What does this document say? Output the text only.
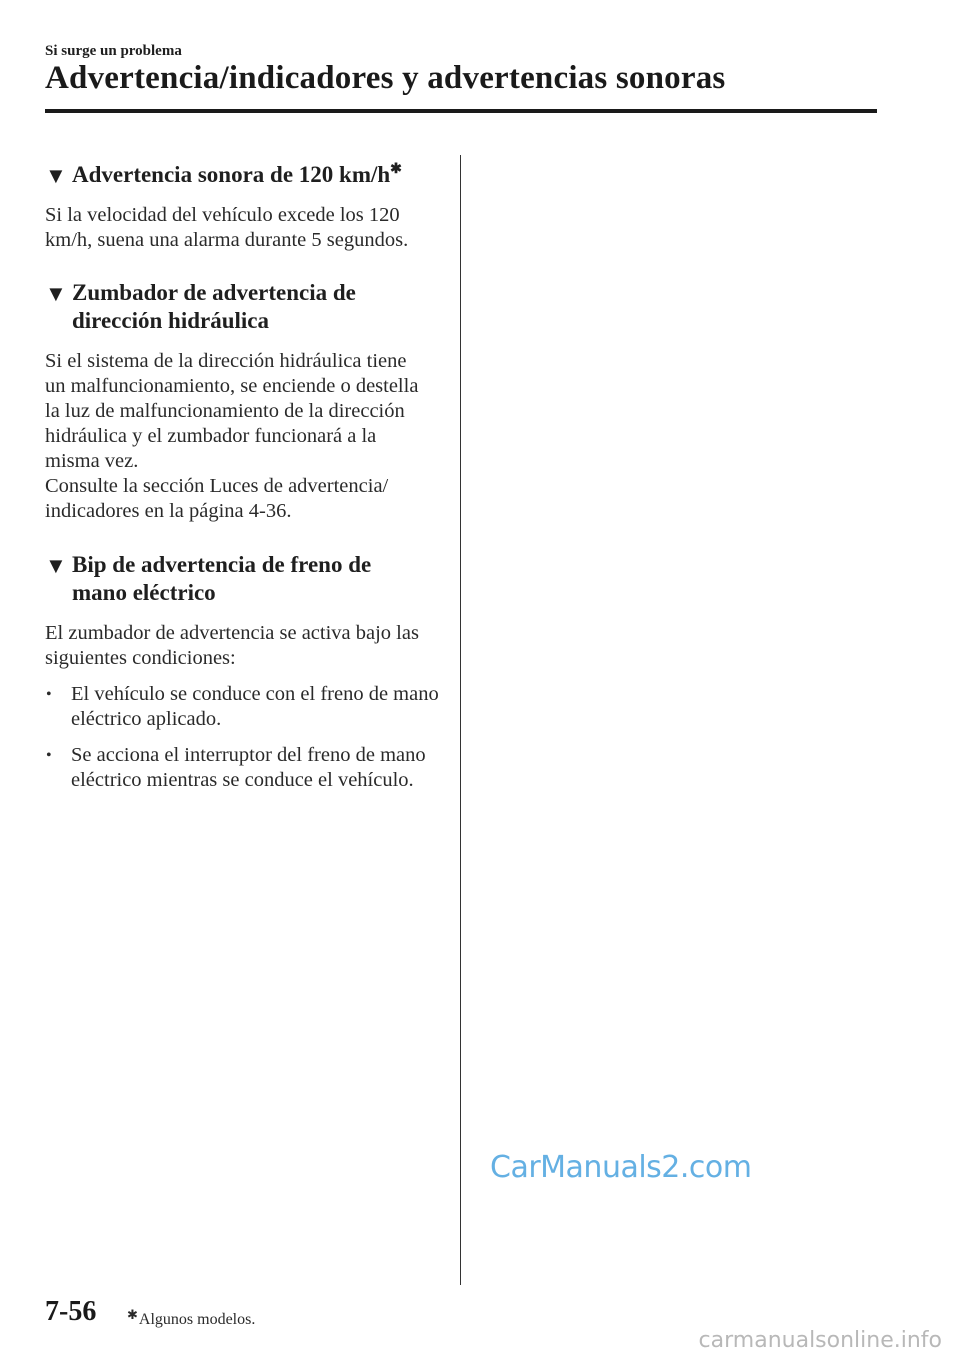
Si surge un problema
Advertencia/indicadores y advertencias sonoras
▼ Advertencia sonora de 120 km/h✱

Si la velocidad del vehículo excede los 120 km/h, suena una alarma durante 5 segundos.

▼ Zumbador de advertencia de
dirección hidráulica

Si el sistema de la dirección hidráulica tiene un malfuncionamiento, se enciende o destella la luz de malfuncionamiento de la dirección hidráulica y el zumbador funcionará a la misma vez.

Consulte la sección Luces de advertencia/ indicadores en la página 4-36.

▼ Bip de advertencia de freno de
mano eléctrico

El zumbador de advertencia se activa bajo las siguientes condiciones:

• El vehículo se conduce con el freno de mano eléctrico aplicado.
• Se acciona el interruptor del freno de mano eléctrico mientras se conduce el vehículo.
7-56 ✱Algunos modelos.
CarManuals2.com
carmanualsonline.info
